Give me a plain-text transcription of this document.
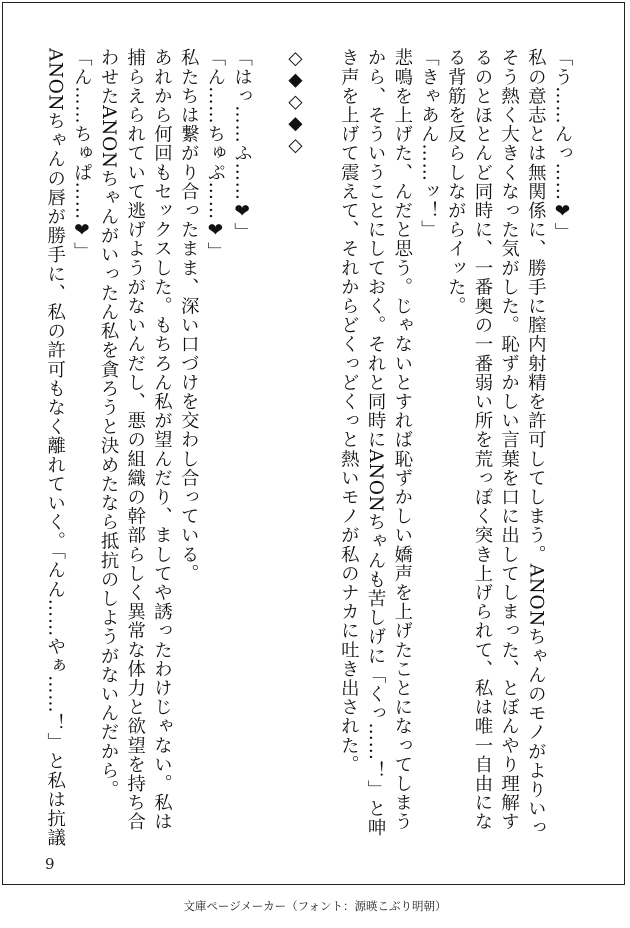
「う……んっ……❤」

私の意志とは無関係に、勝手に膣内射精を許可してしまう。ANONちゃんのモノがよりいっそう熱く大きくなった気がした。恥ずかしい言葉を口に出してしまった、とぼんやり理解するのとほとんど同時に、一番奥の一番弱い所を荒っぽく突き上げられて、私は唯一自由になる背筋を反らしながらイッた。

「きゃあん……ッ！」

悲鳴を上げた、んだと思う。じゃないとすれば恥ずかしい嬌声を上げたことになってしまうから、そういうことにしておく。それと同時にANONちゃんも苦しげに「くっ……！」と呻き声を上げて震えて、それからどくっどくっと熱いモノが私のナカに吐き出された。

◇◆◇◆◇

「はっ……ふ……❤」

「ん……ちゅぷ……❤」

私たちは繋がり合ったまま、深い口づけを交わし合っている。

あれから何回もセックスした。もちろん私が望んだり、ましてや誘ったわけじゃない。私は捕らえられていて逃げようがないんだし、悪の組織の幹部らしく異常な体力と欲望を持ち合わせたANONちゃんがいったん私を貪ろうと決めたなら抵抗のしようがないんだから。

「ん……ちゅぱ……❤」

ANONちゃんの唇が勝手に、私の許可もなく離れていく。「んん……やぁ……！」と私は抗議

9
文庫ページメーカー（フォント：源暎こぶり明朝）
